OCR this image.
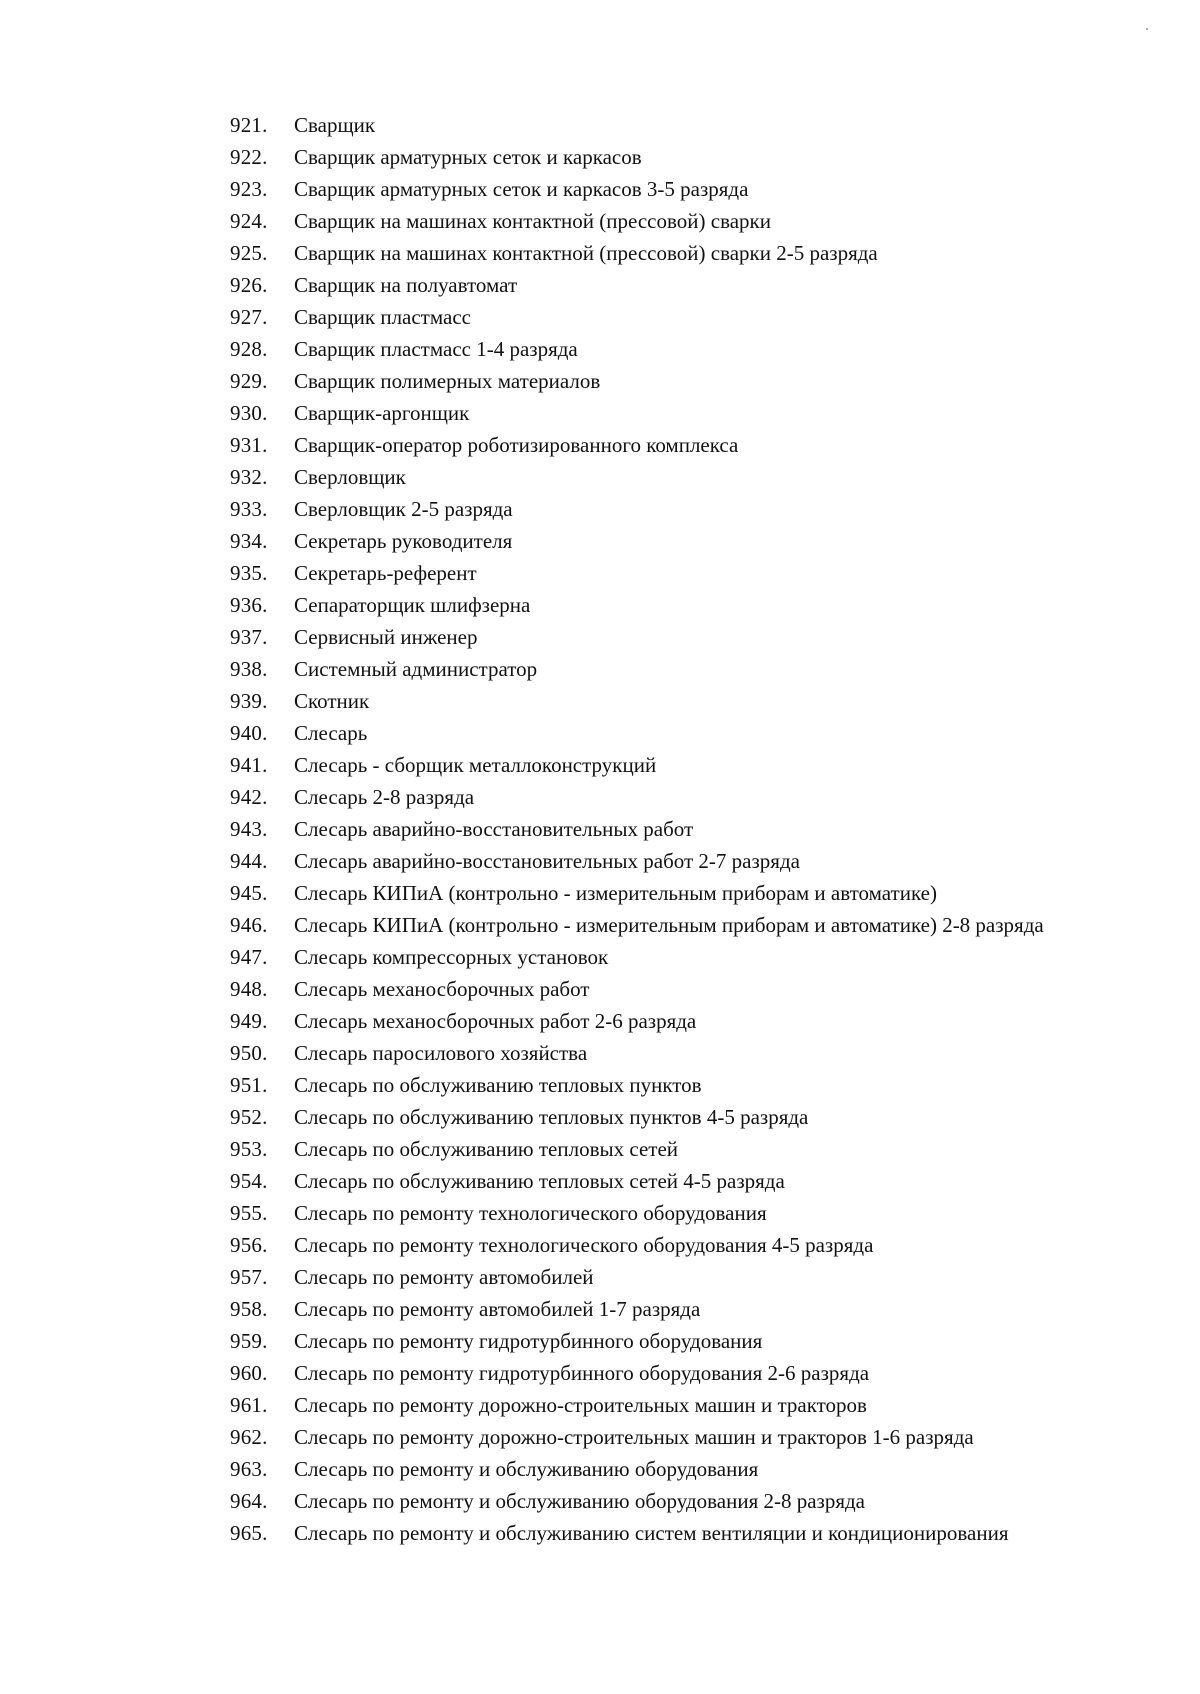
921.	Сварщик
922.	Сварщик арматурных сеток и каркасов
923.	Сварщик арматурных сеток и каркасов 3-5 разряда
924.	Сварщик на машинах контактной (прессовой) сварки
925.	Сварщик на машинах контактной (прессовой) сварки 2-5 разряда
926.	Сварщик на полуавтомат
927.	Сварщик пластмасс
928.	Сварщик пластмасс 1-4 разряда
929.	Сварщик полимерных материалов
930.	Сварщик-аргонщик
931.	Сварщик-оператор роботизированного комплекса
932.	Сверловщик
933.	Сверловщик 2-5 разряда
934.	Секретарь руководителя
935.	Секретарь-референт
936.	Сепараторщик шлифзерна
937.	Сервисный инженер
938.	Системный администратор
939.	Скотник
940.	Слесарь
941.	Слесарь - сборщик металлоконструкций
942.	Слесарь 2-8 разряда
943.	Слесарь аварийно-восстановительных работ
944.	Слесарь аварийно-восстановительных работ 2-7 разряда
945.	Слесарь КИПиА (контрольно - измерительным приборам и автоматике)
946.	Слесарь КИПиА (контрольно - измерительным приборам и автоматике) 2-8 разряда
947.	Слесарь компрессорных установок
948.	Слесарь механосборочных работ
949.	Слесарь механосборочных работ 2-6 разряда
950.	Слесарь паросилового хозяйства
951.	Слесарь по обслуживанию тепловых пунктов
952.	Слесарь по обслуживанию тепловых пунктов 4-5 разряда
953.	Слесарь по обслуживанию тепловых сетей
954.	Слесарь по обслуживанию тепловых сетей 4-5 разряда
955.	Слесарь по ремонту технологического оборудования
956.	Слесарь по ремонту технологического оборудования 4-5 разряда
957.	Слесарь по ремонту автомобилей
958.	Слесарь по ремонту автомобилей 1-7 разряда
959.	Слесарь по ремонту гидротурбинного оборудования
960.	Слесарь по ремонту гидротурбинного оборудования 2-6 разряда
961.	Слесарь по ремонту дорожно-строительных машин и тракторов
962.	Слесарь по ремонту дорожно-строительных машин и тракторов 1-6 разряда
963.	Слесарь по ремонту и обслуживанию оборудования
964.	Слесарь по ремонту и обслуживанию оборудования 2-8 разряда
965.	Слесарь по ремонту и обслуживанию систем вентиляции и кондиционирования
